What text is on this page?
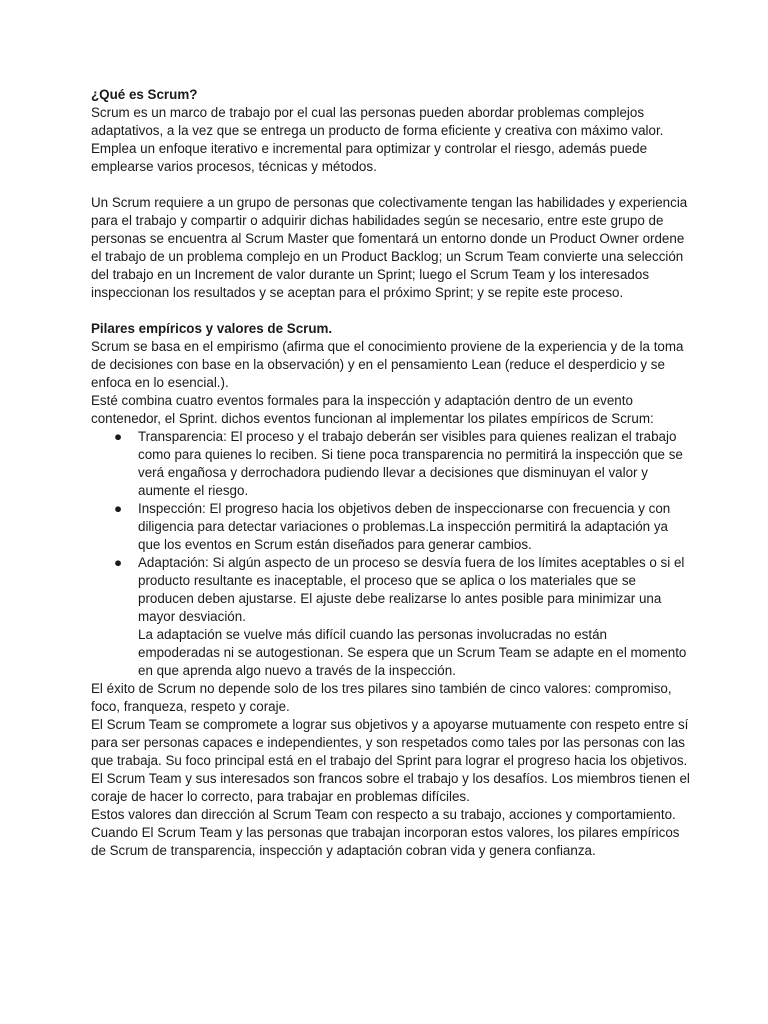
¿Qué es Scrum?

Scrum es un marco de trabajo por el cual las personas pueden abordar problemas complejos adaptativos, a la vez que se entrega un producto de forma eficiente y creativa con máximo valor. Emplea un enfoque iterativo e incremental para optimizar y controlar el riesgo, además puede emplearse varios procesos, técnicas y métodos.

Un Scrum requiere a un grupo de personas que colectivamente tengan las habilidades y experiencia para el trabajo y compartir o adquirir dichas habilidades según se necesario, entre este grupo de personas se encuentra al Scrum Master que fomentará un entorno donde un Product Owner ordene el trabajo de un problema complejo en un Product Backlog; un Scrum Team convierte una selección del trabajo en un Increment de valor durante un Sprint; luego el Scrum Team y los interesados inspeccionan los resultados y se aceptan para el próximo Sprint; y se repite este proceso.

Pilares empíricos y valores de Scrum.

Scrum se basa en el empirismo (afirma que el conocimiento proviene de la experiencia y de la toma de decisiones con base en la observación) y en el pensamiento Lean (reduce el desperdicio y se enfoca en lo esencial.).

Esté combina cuatro eventos formales para la inspección y adaptación dentro de un evento contenedor, el Sprint. dichos eventos funcionan al implementar los pilates empíricos de Scrum:

● Transparencia: El proceso y el trabajo deberán ser visibles para quienes realizan el trabajo como para quienes lo reciben. Si tiene poca transparencia no permitirá la inspección que se verá engañosa y derrochadora pudiendo llevar a decisiones que disminuyan el valor y aumente el riesgo.
● Inspección: El progreso hacia los objetivos deben de inspeccionarse con frecuencia y con diligencia para detectar variaciones o problemas.La inspección permitirá la adaptación ya que los eventos en Scrum están diseñados para generar cambios.
● Adaptación: Si algún aspecto de un proceso se desvía fuera de los límites aceptables o si el producto resultante es inaceptable, el proceso que se aplica o los materiales que se producen deben ajustarse. El ajuste debe realizarse lo antes posible para minimizar una mayor desviación.
La adaptación se vuelve más difícil cuando las personas involucradas no están empoderadas ni se autogestionan. Se espera que un Scrum Team se adapte en el momento en que aprenda algo nuevo a través de la inspección.

El éxito de Scrum no depende solo de los tres pilares sino también de cinco valores: compromiso, foco, franqueza, respeto y coraje.

El Scrum Team se compromete a lograr sus objetivos y a apoyarse mutuamente con respeto entre sí para ser personas capaces e independientes, y son respetados como tales por las personas con las que trabaja. Su foco principal está en el trabajo del Sprint para lograr el progreso hacia los objetivos. El Scrum Team y sus interesados son francos sobre el trabajo y los desafíos. Los miembros tienen el coraje de hacer lo correcto, para trabajar en problemas difíciles.

Estos valores dan dirección al Scrum Team con respecto a su trabajo, acciones y comportamiento.

Cuando El Scrum Team y las personas que trabajan incorporan estos valores, los pilares empíricos de Scrum de transparencia, inspección y adaptación cobran vida y genera confianza.
